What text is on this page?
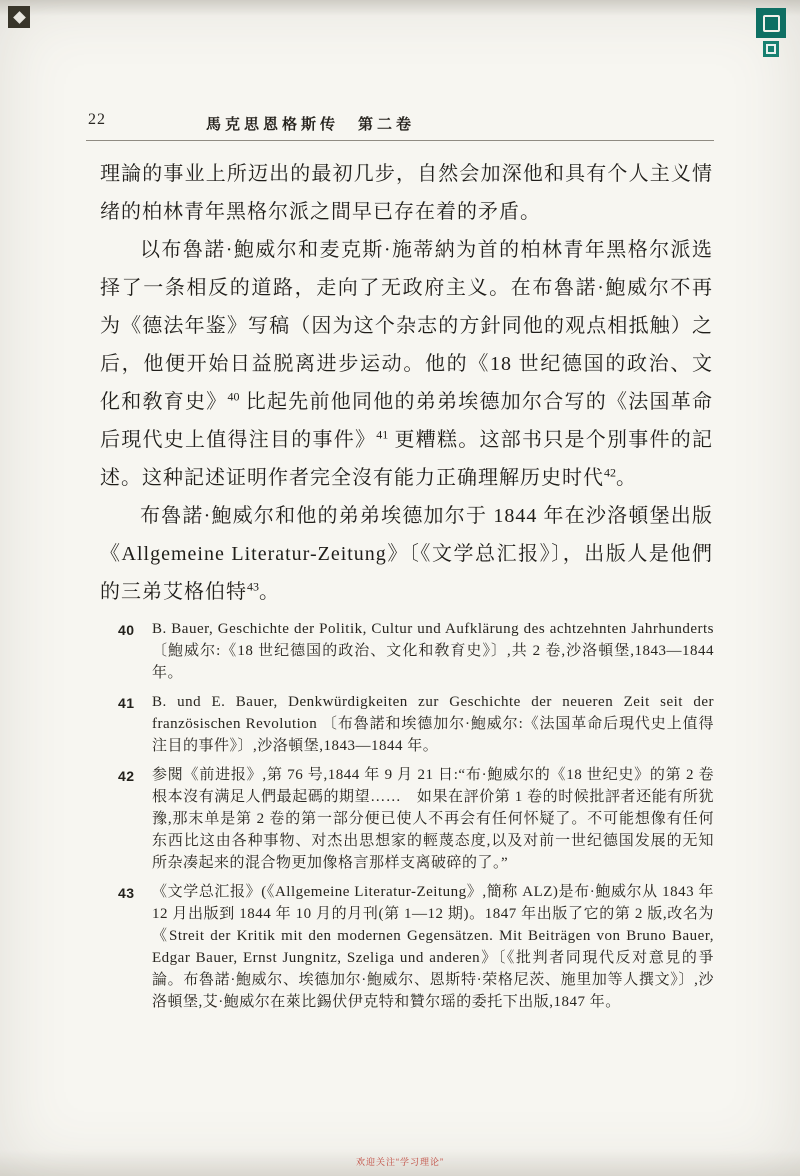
22	馬克思恩格斯传　第二卷

理論的事业上所迈出的最初几步，自然会加深他和具有个人主义情绪的柏林青年黑格尔派之間早已存在着的矛盾。

以布魯諾·鮑威尔和麦克斯·施蒂納为首的柏林青年黑格尔派选择了一条相反的道路，走向了无政府主义。在布魯諾·鮑威尔不再为《德法年鉴》写稿（因为这个杂志的方針同他的观点相抵触）之后，他便开始日益脱离进步运动。他的《18 世纪德国的政治、文化和敎育史》$^{40}$ 比起先前他同他的弟弟埃德加尔合写的《法国革命后現代史上值得注目的事件》$^{41}$ 更糟糕。这部书只是个別事件的記述。这种記述证明作者完全沒有能力正确理解历史时代$^{42}$。

布魯諾·鮑威尔和他的弟弟埃德加尔于 1844 年在沙洛頓堡出版《Allgemeine Literatur-Zeitung》〔《文学总汇报》〕，出版人是他們的三弟艾格伯特$^{43}$。

40 B. Bauer, Geschichte der Politik, Cultur und Aufklärung des achtzehnten Jahrhunderts 〔鮑威尔:《18 世纪德国的政治、文化和敎育史》〕,共 2 卷,沙洛頓堡,1843—1844 年。
41 B. und E. Bauer, Denkwürdigkeiten zur Geschichte der neueren Zeit seit der französischen Revolution 〔布魯諾和埃德加尔·鮑威尔:《法国革命后現代史上值得注目的事件》〕,沙洛頓堡,1843—1844 年。
42 参閱《前进报》,第 76 号,1844 年 9 月 21 日:“布·鮑威尔的《18 世纪史》的第 2 卷根本沒有满足人們最起碼的期望……　如果在評价第 1 卷的时候批評者还能有所犹豫,那末单是第 2 卷的第一部分便已使人不再会有任何怀疑了。不可能想像有任何东西比这由各种事物、对杰出思想家的輕蔑态度,以及对前一世纪德国发展的无知所杂凑起来的混合物更加像格言那样支离破碎的了。”
43 《文学总汇报》(《Allgemeine Literatur-Zeitung》,簡称 ALZ)是布·鮑威尔从 1843 年 12 月出版到 1844 年 10 月的月刊(第 1—12 期)。1847 年出版了它的第 2 版,改名为《Streit der Kritik mit den modernen Gegensätzen. Mit Beiträgen von Bruno Bauer, Edgar Bauer, Ernst Jungnitz, Szeliga und anderen》〔《批判者同現代反对意見的爭論。布魯諾·鮑威尔、埃德加尔·鮑威尔、恩斯特·荣格尼茨、施里加等人撰文》〕,沙洛頓堡,艾·鮑威尔在萊比錫伏伊克特和贊尔瑶的委托下出版,1847 年。
欢迎关注“学习理论”
